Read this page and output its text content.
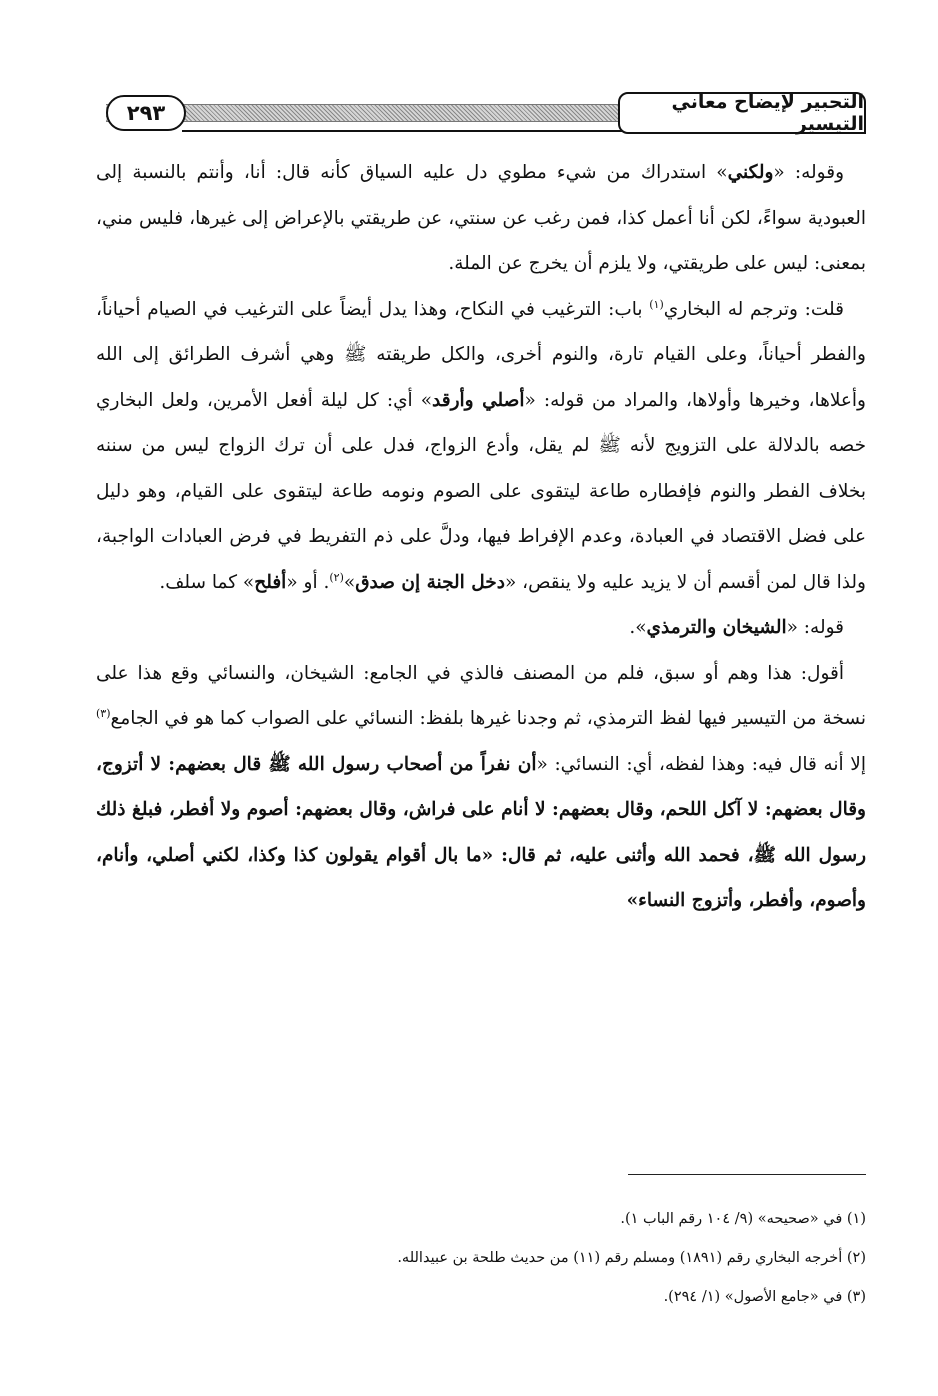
٢٩٣	التحبير لإيضاح معاني التيسير

وقوله: «ولكني» استدراك من شيء مطوي دل عليه السياق كأنه قال: أنا، وأنتم بالنسبة إلى العبودية سواءً، لكن أنا أعمل كذا، فمن رغب عن سنتي، عن طريقتي بالإعراض إلى غيرها، فليس مني، بمعنى: ليس على طريقتي، ولا يلزم أن يخرج عن الملة.

قلت: وترجم له البخاري$^{(١)}$ باب: الترغيب في النكاح، وهذا يدل أيضاً على الترغيب في الصيام أحياناً، والفطر أحياناً، وعلى القيام تارة، والنوم أخرى، والكل طريقته ﷺ وهي أشرف الطرائق إلى الله وأعلاها، وخيرها وأولاها، والمراد من قوله: «أصلي وأرقد» أي: كل ليلة أفعل الأمرين، ولعل البخاري خصه بالدلالة على التزويج لأنه ﷺ لم يقل، وأدع الزواج، فدل على أن ترك الزواج ليس من سننه بخلاف الفطر والنوم فإفطاره طاعة ليتقوى على الصوم ونومه طاعة ليتقوى على القيام، وهو دليل على فضل الاقتصاد في العبادة، وعدم الإفراط فيها، ودلَّ على ذم التفريط في فرض العبادات الواجبة، ولذا قال لمن أقسم أن لا يزيد عليه ولا ينقص، «دخل الجنة إن صدق»$^{(٢)}$. أو «أفلح» كما سلف.

قوله: «الشيخان والترمذي».

أقول: هذا وهم أو سبق، فلم من المصنف فالذي في الجامع: الشيخان، والنسائي وقع هذا على نسخة من التيسير فيها لفظ الترمذي، ثم وجدنا غيرها بلفظ: النسائي على الصواب كما هو في الجامع$^{(٣)}$ إلا أنه قال فيه: وهذا لفظه، أي: النسائي: «أن نفراً من أصحاب رسول الله ﷺ قال بعضهم: لا أتزوج، وقال بعضهم: لا آكل اللحم، وقال بعضهم: لا أنام على فراش، وقال بعضهم: أصوم ولا أفطر، فبلغ ذلك رسول الله ﷺ، فحمد الله وأثنى عليه، ثم قال: «ما بال أقوام يقولون كذا وكذا، لكني أصلي، وأنام، وأصوم، وأفطر، وأتزوج النساء»

(١) في «صحيحه» (٩/ ١٠٤ رقم الباب ١).

(٢) أخرجه البخاري رقم (١٨٩١) ومسلم رقم (١١) من حديث طلحة بن عبيدالله.

(٣) في «جامع الأصول» (١/ ٢٩٤).
